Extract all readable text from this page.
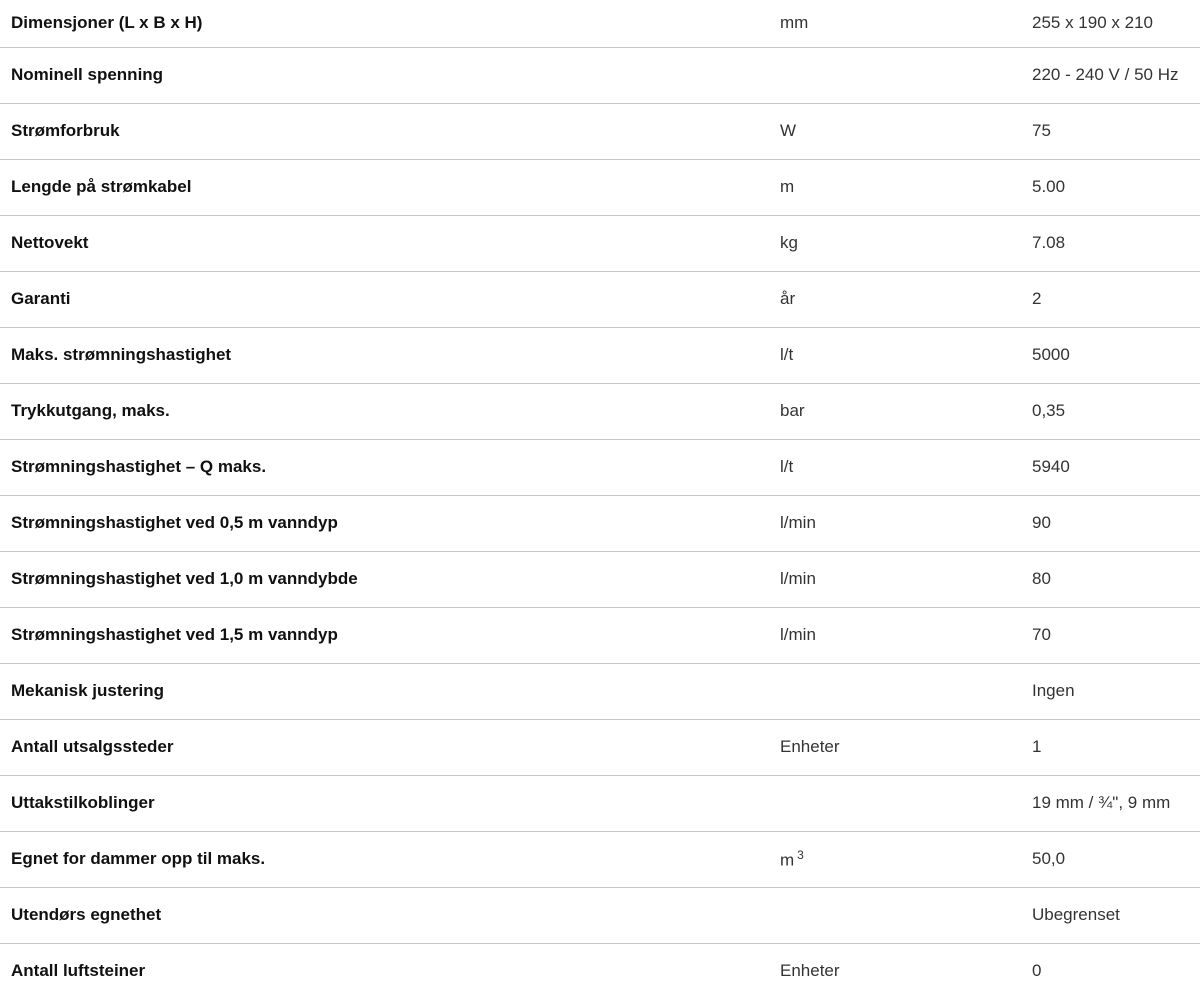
Dimensjoner (L x B x H)	mm	255 x 190 x 210
Nominell spenning		220 - 240 V / 50 Hz
Strømforbruk	W	75
Lengde på strømkabel	m	5.00
Nettovekt	kg	7.08
Garanti	år	2
Maks. strømningshastighet	l/t	5000
Trykkutgang, maks.	bar	0,35
Strømningshastighet – Q maks.	l/t	5940
Strømningshastighet ved 0,5 m vanndyp	l/min	90
Strømningshastighet ved 1,0 m vanndybde	l/min	80
Strømningshastighet ved 1,5 m vanndyp	l/min	70
Mekanisk justering		Ingen
Antall utsalgssteder	Enheter	1
Uttakstilkoblinger		19 mm / ¾", 9 mm
Egnet for dammer opp til maks.	m $^3$	50,0
Utendørs egnethet		Ubegrenset
Antall luftsteiner	Enheter	0
